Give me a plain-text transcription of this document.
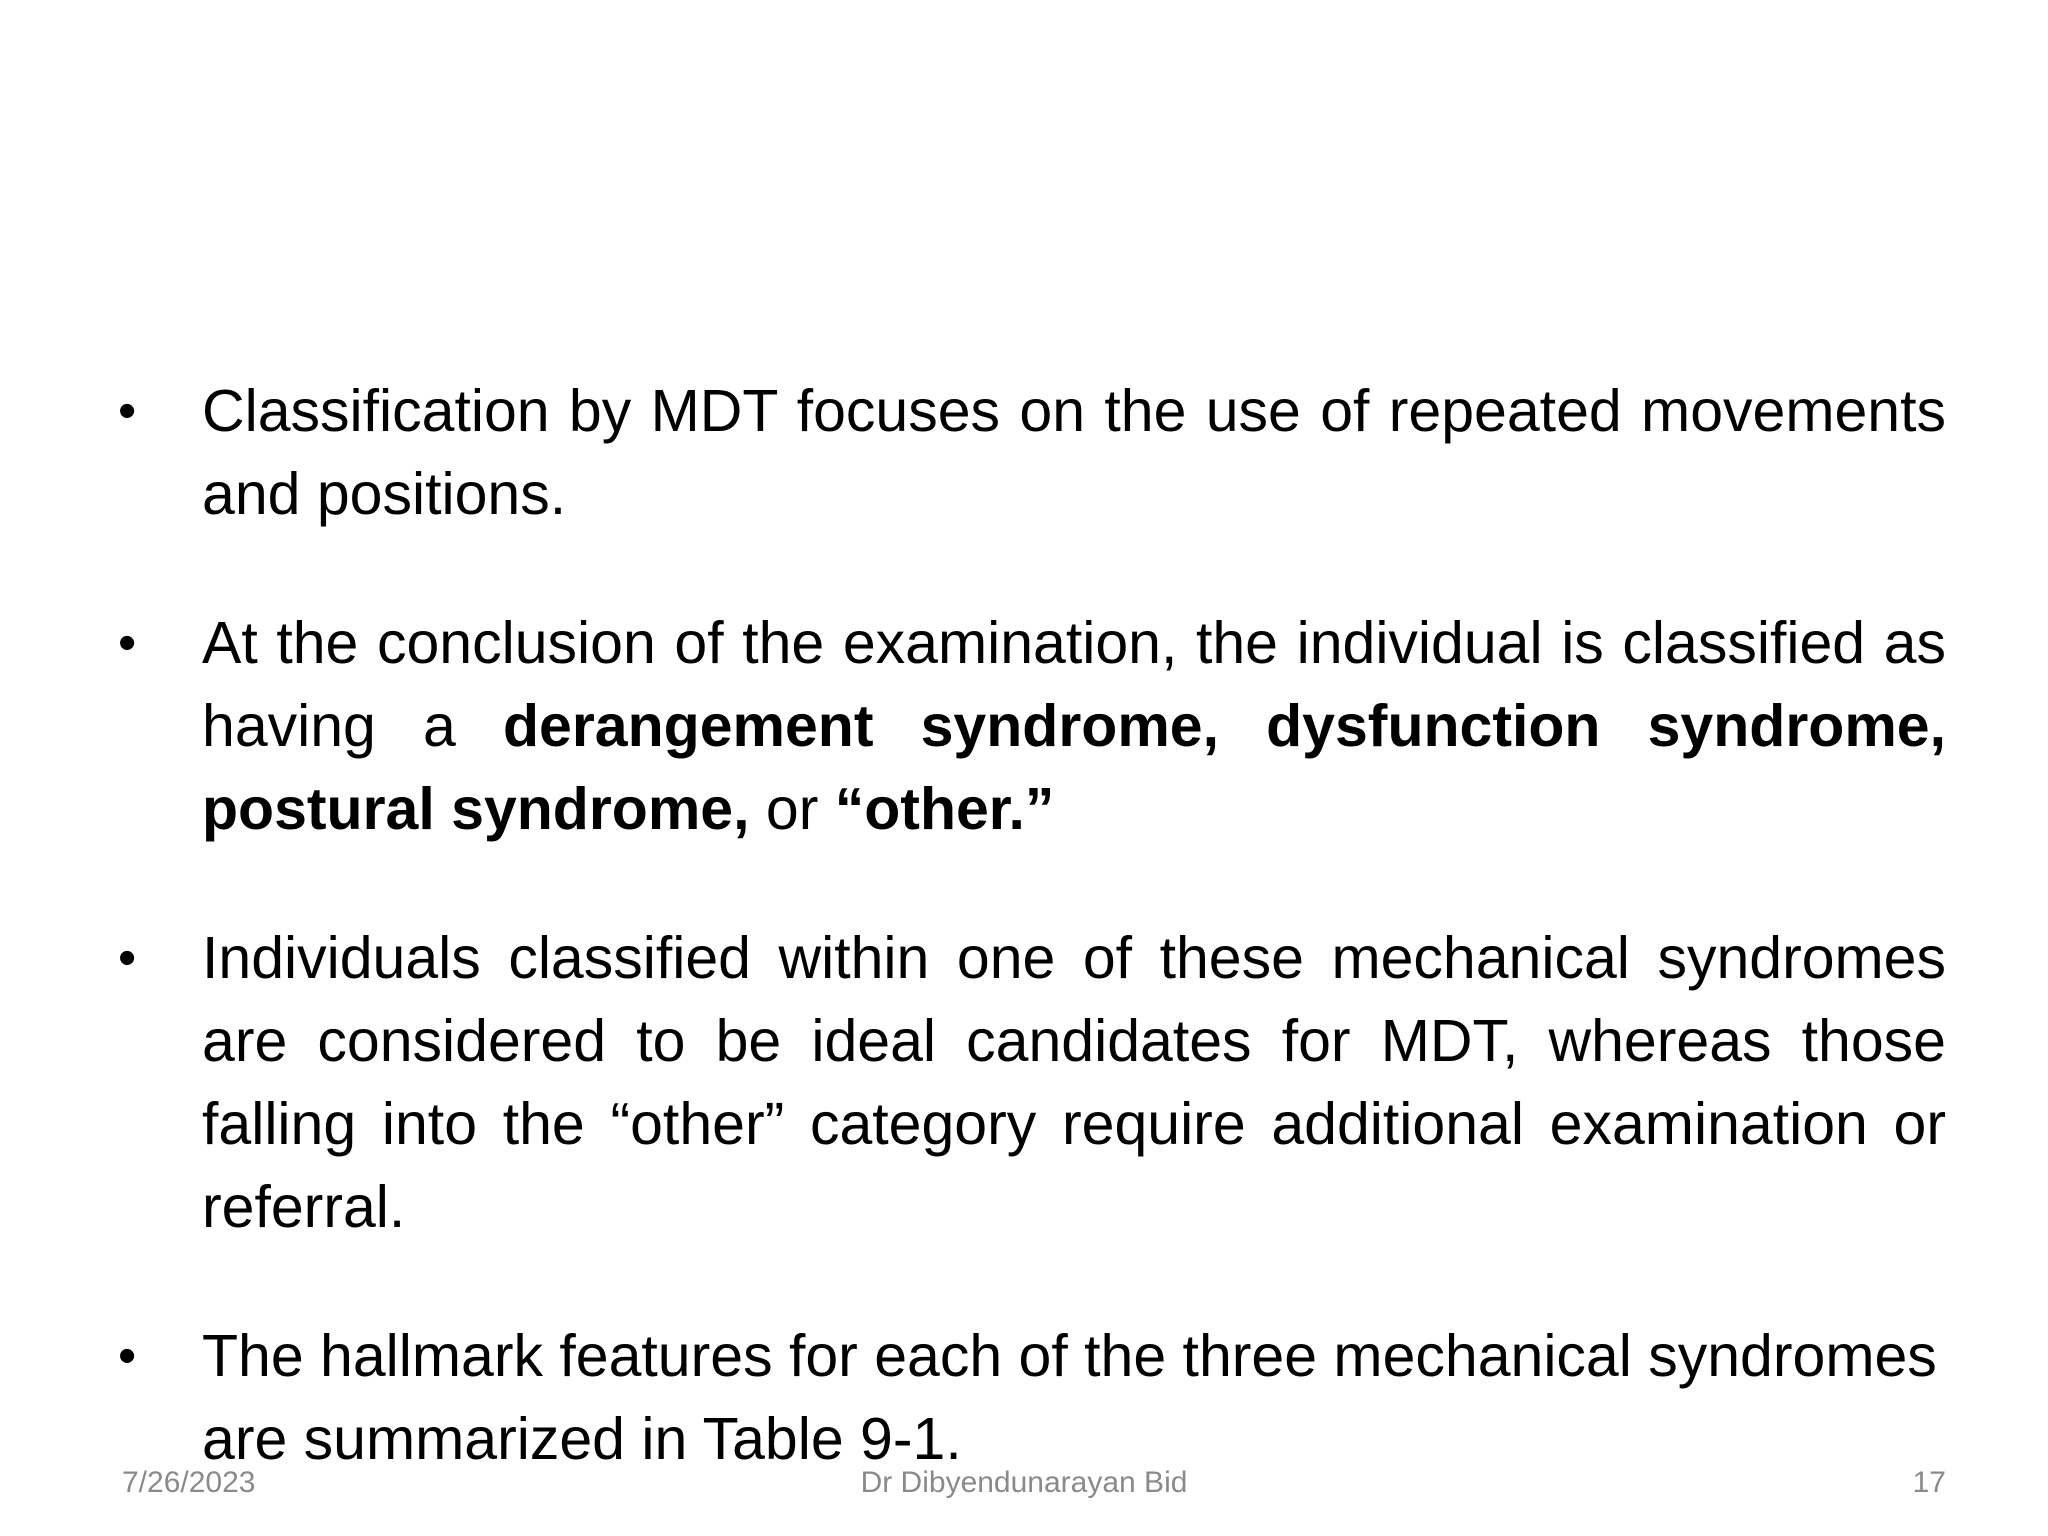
•	Classification by MDT focuses on the use of repeated movements and positions.
•	At the conclusion of the examination, the individual is classified as having a derangement syndrome, dysfunction syndrome, postural syndrome, or “other.”
•	Individuals classified within one of these mechanical syndromes are considered to be ideal candidates for MDT, whereas those falling into the “other” category require additional examination or referral.
•	The hallmark features for each of the three mechanical syndromes are summarized in Table 9-1.
Dr Dibyendunarayan Bid
7/26/2023	17
